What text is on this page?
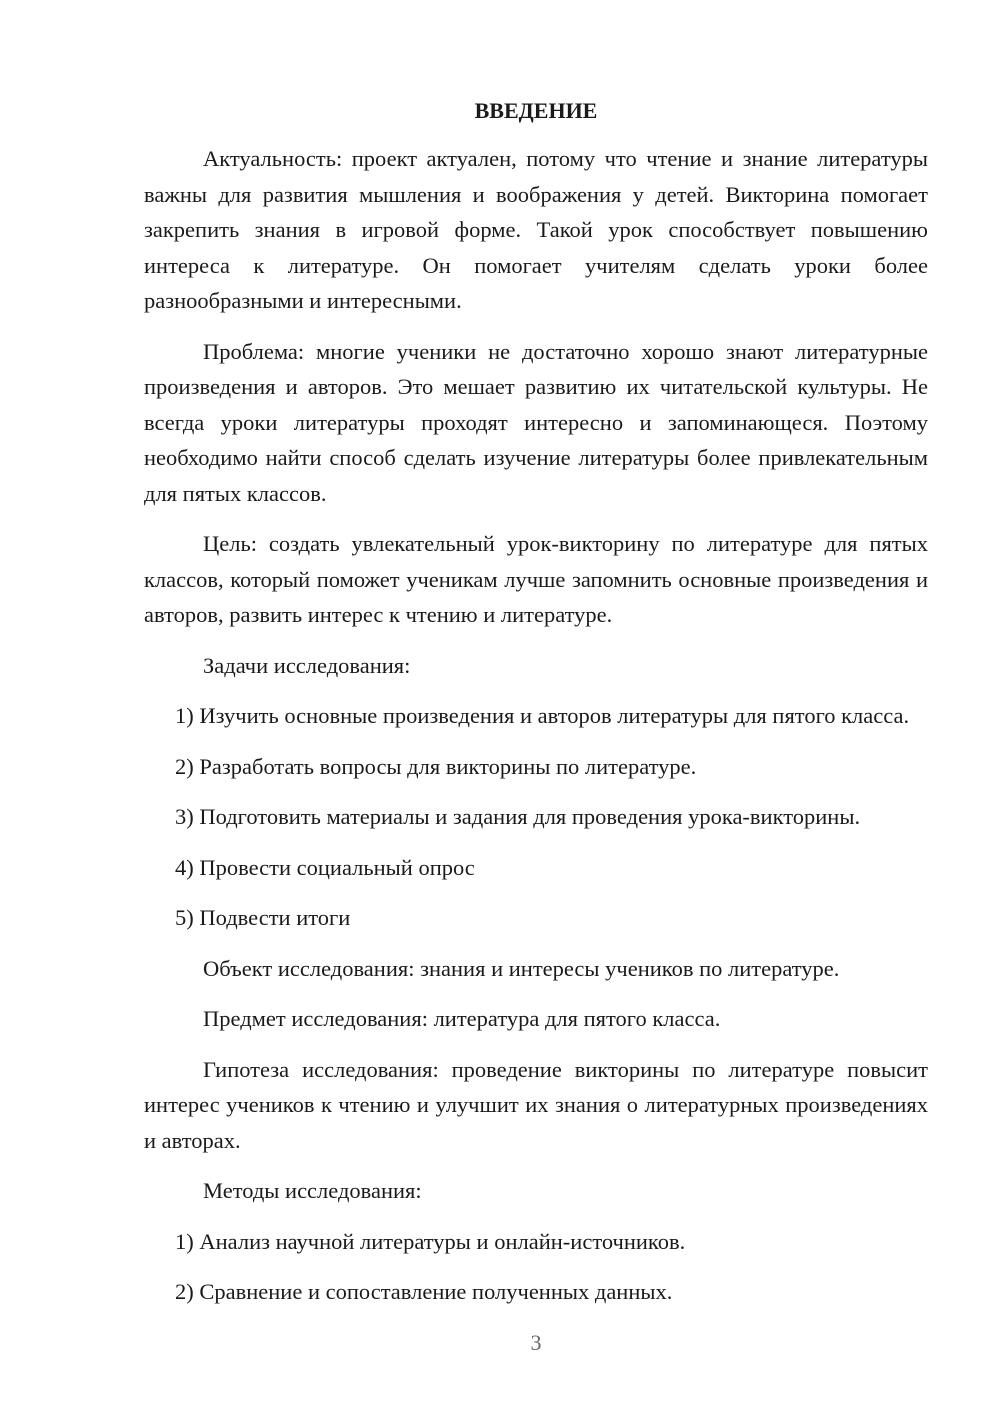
ВВЕДЕНИЕ

Актуальность: проект актуален, потому что чтение и знание литературы важны для развития мышления и воображения у детей. Викторина помогает закрепить знания в игровой форме. Такой урок способствует повышению интереса к литературе. Он помогает учителям сделать уроки более разнообразными и интересными.

Проблема: многие ученики не достаточно хорошо знают литературные произведения и авторов. Это мешает развитию их читательской культуры. Не всегда уроки литературы проходят интересно и запоминающеся. Поэтому необходимо найти способ сделать изучение литературы более привлекательным для пятых классов.

Цель: создать увлекательный урок-викторину по литературе для пятых классов, который поможет ученикам лучше запомнить основные произведения и авторов, развить интерес к чтению и литературе.

Задачи исследования:

1) Изучить основные произведения и авторов литературы для пятого класса.

2) Разработать вопросы для викторины по литературе.

3) Подготовить материалы и задания для проведения урока-викторины.

4) Провести социальный опрос

5) Подвести итоги

Объект исследования: знания и интересы учеников по литературе.

Предмет исследования: литература для пятого класса.

Гипотеза исследования: проведение викторины по литературе повысит интерес учеников к чтению и улучшит их знания о литературных произведениях и авторах.

Методы исследования:

1) Анализ научной литературы и онлайн-источников.

2) Сравнение и сопоставление полученных данных.

3
